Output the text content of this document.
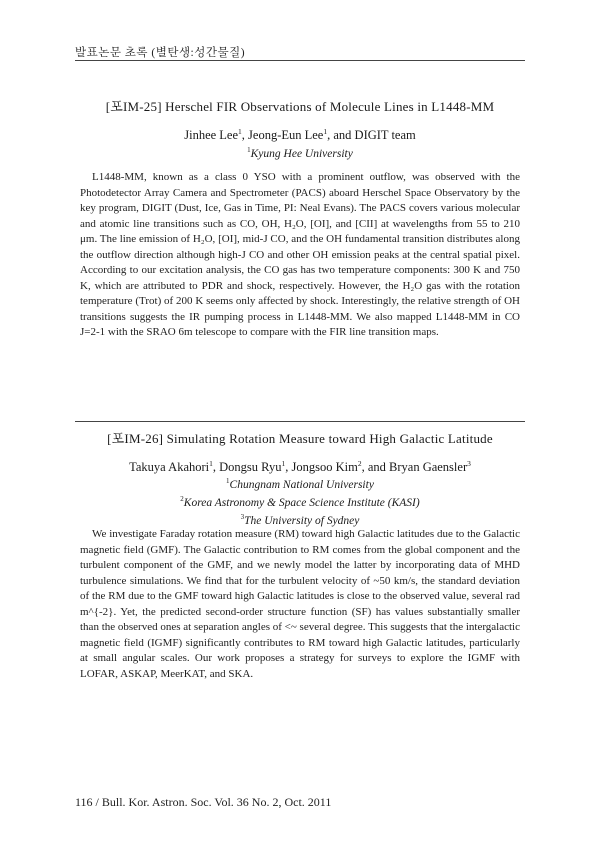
발표논문 초록 (별탄생:성간물질)
[포IM-25] Herschel FIR Observations of Molecule Lines in L1448-MM
Jinhee Lee$^1$, Jeong-Eun Lee$^1$, and DIGIT team
$^1$Kyung Hee University
L1448-MM, known as a class 0 YSO with a prominent outflow, was observed with the Photodetector Array Camera and Spectrometer (PACS) aboard Herschel Space Observatory by the key program, DIGIT (Dust, Ice, Gas in Time, PI: Neal Evans). The PACS covers various molecular and atomic line transitions such as CO, OH, H₂O, [OI], and [CII] at wavelengths from 55 to 210 μm. The line emission of H₂O, [OI], mid-J CO, and the OH fundamental transition distributes along the outflow direction although high-J CO and other OH emission peaks at the central spatial pixel. According to our excitation analysis, the CO gas has two temperature components: 300 K and 750 K, which are attributed to PDR and shock, respectively. However, the H₂O gas with the rotation temperature (Trot) of 200 K seems only affected by shock. Interestingly, the relative strength of OH transitions suggests the IR pumping process in L1448-MM. We also mapped L1448-MM in CO J=2-1 with the SRAO 6m telescope to compare with the FIR line transition maps.
[포IM-26] Simulating Rotation Measure toward High Galactic Latitude
Takuya Akahori$^1$, Dongsu Ryu$^1$, Jongsoo Kim$^2$, and Bryan Gaensler$^3$
$^1$Chungnam National University
$^2$Korea Astronomy & Space Science Institute (KASI)
$^3$The University of Sydney
We investigate Faraday rotation measure (RM) toward high Galactic latitudes due to the Galactic magnetic field (GMF). The Galactic contribution to RM comes from the global component and the turbulent component of the GMF, and we newly model the latter by incorporating data of MHD turbulence simulations. We find that for the turbulent velocity of ~50 km/s, the standard deviation of the RM due to the GMF toward high Galactic latitudes is close to the observed value, several rad m^{-2}. Yet, the predicted second-order structure function (SF) has values substantially smaller than the observed ones at separation angles of <~ several degree. This suggests that the intergalactic magnetic field (IGMF) significantly contributes to RM toward high Galactic latitudes, particularly at small angular scales. Our work proposes a strategy for surveys to explore the IGMF with LOFAR, ASKAP, MeerKAT, and SKA.
116 / Bull. Kor. Astron. Soc. Vol. 36 No. 2, Oct. 2011
